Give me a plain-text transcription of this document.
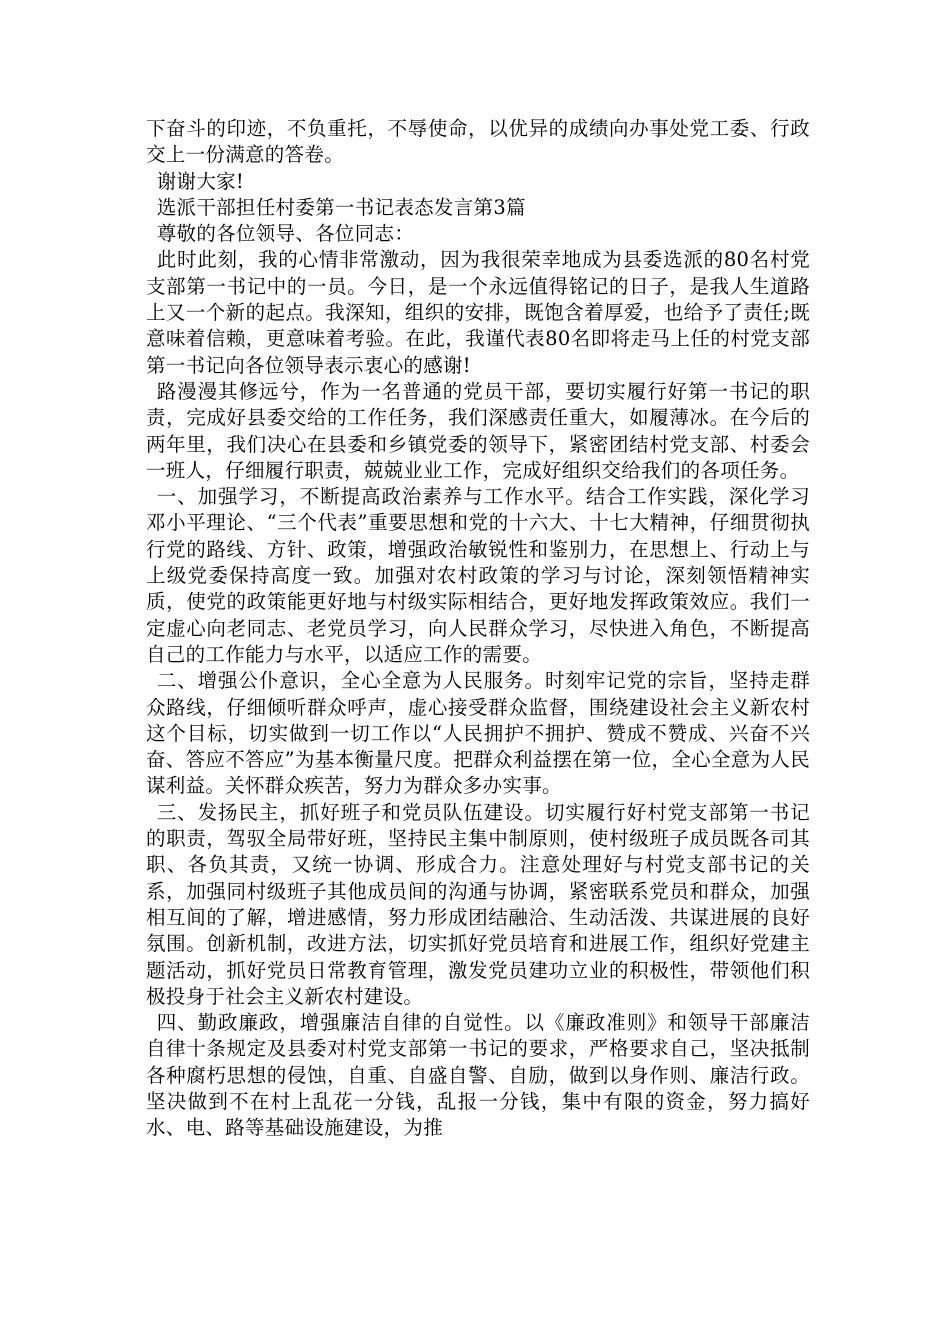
下奋斗的印迹，不负重托，不辱使命，以优异的成绩向办事处党工委、行政交上一份满意的答卷。

谢谢大家!

选派干部担任村委第一书记表态发言第3篇

尊敬的各位领导、各位同志：

此时此刻，我的心情非常激动，因为我很荣幸地成为县委选派的80名村党支部第一书记中的一员。今日，是一个永远值得铭记的日子，是我人生道路上又一个新的起点。我深知，组织的安排，既饱含着厚爱，也给予了责任;既意味着信赖，更意味着考验。在此，我谨代表80名即将走马上任的村党支部第一书记向各位领导表示衷心的感谢!

路漫漫其修远兮，作为一名普通的党员干部，要切实履行好第一书记的职责，完成好县委交给的工作任务，我们深感责任重大，如履薄冰。在今后的两年里，我们决心在县委和乡镇党委的领导下，紧密团结村党支部、村委会一班人，仔细履行职责，兢兢业业工作，完成好组织交给我们的各项任务。

一、加强学习，不断提高政治素养与工作水平。结合工作实践，深化学习邓小平理论、“三个代表”重要思想和党的十六大、十七大精神，仔细贯彻执行党的路线、方针、政策，增强政治敏锐性和鉴别力，在思想上、行动上与上级党委保持高度一致。加强对农村政策的学习与讨论，深刻领悟精神实质，使党的政策能更好地与村级实际相结合，更好地发挥政策效应。我们一定虚心向老同志、老党员学习，向人民群众学习，尽快进入角色，不断提高自己的工作能力与水平，以适应工作的需要。

二、增强公仆意识，全心全意为人民服务。时刻牢记党的宗旨，坚持走群众路线，仔细倾听群众呼声，虚心接受群众监督，围绕建设社会主义新农村这个目标，切实做到一切工作以“人民拥护不拥护、赞成不赞成、兴奋不兴奋、答应不答应”为基本衡量尺度。把群众利益摆在第一位，全心全意为人民谋利益。关怀群众疾苦，努力为群众多办实事。

三、发扬民主，抓好班子和党员队伍建设。切实履行好村党支部第一书记的职责，驾驭全局带好班，坚持民主集中制原则，使村级班子成员既各司其职、各负其责，又统一协调、形成合力。注意处理好与村党支部书记的关系，加强同村级班子其他成员间的沟通与协调，紧密联系党员和群众，加强相互间的了解，增进感情，努力形成团结融洽、生动活泼、共谋进展的良好氛围。创新机制，改进方法，切实抓好党员培育和进展工作，组织好党建主题活动，抓好党员日常教育管理，激发党员建功立业的积极性，带领他们积极投身于社会主义新农村建设。

四、勤政廉政，增强廉洁自律的自觉性。以《廉政准则》和领导干部廉洁自律十条规定及县委对村党支部第一书记的要求，严格要求自己，坚决抵制各种腐朽思想的侵蚀，自重、自盛自警、自励，做到以身作则、廉洁行政。坚决做到不在村上乱花一分钱，乱报一分钱，集中有限的资金，努力搞好水、电、路等基础设施建设，为推
